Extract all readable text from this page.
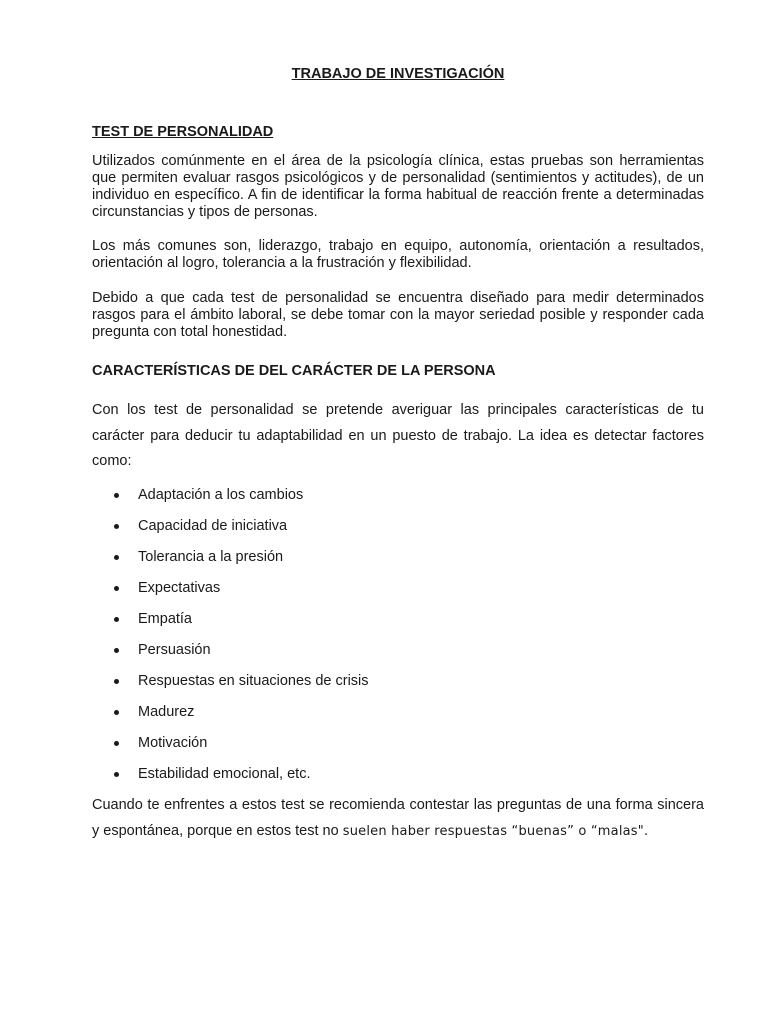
TRABAJO DE INVESTIGACIÓN
TEST DE PERSONALIDAD

Utilizados comúnmente en el área de la psicología clínica, estas pruebas son herramientas que permiten evaluar rasgos psicológicos y de personalidad (sentimientos y actitudes), de un individuo en específico. A fin de identificar la forma habitual de reacción frente a determinadas circunstancias y tipos de personas.

Los más comunes son, liderazgo, trabajo en equipo, autonomía, orientación a resultados, orientación al logro, tolerancia a la frustración y flexibilidad.

Debido a que cada test de personalidad se encuentra diseñado para medir determinados rasgos para el ámbito laboral, se debe tomar con la mayor seriedad posible y responder cada pregunta con total honestidad.

CARACTERÍSTICAS DE DEL CARÁCTER DE LA PERSONA

Con los test de personalidad se pretende averiguar las principales características de tu carácter para deducir tu adaptabilidad en un puesto de trabajo. La idea es detectar factores como:

Adaptación a los cambios
Capacidad de iniciativa
Tolerancia a la presión
Expectativas
Empatía
Persuasión
Respuestas en situaciones de crisis
Madurez
Motivación
Estabilidad emocional, etc.

Cuando te enfrentes a estos test se recomienda contestar las preguntas de una forma sincera y espontánea, porque en estos test no suelen haber respuestas “buenas” o “malas".
